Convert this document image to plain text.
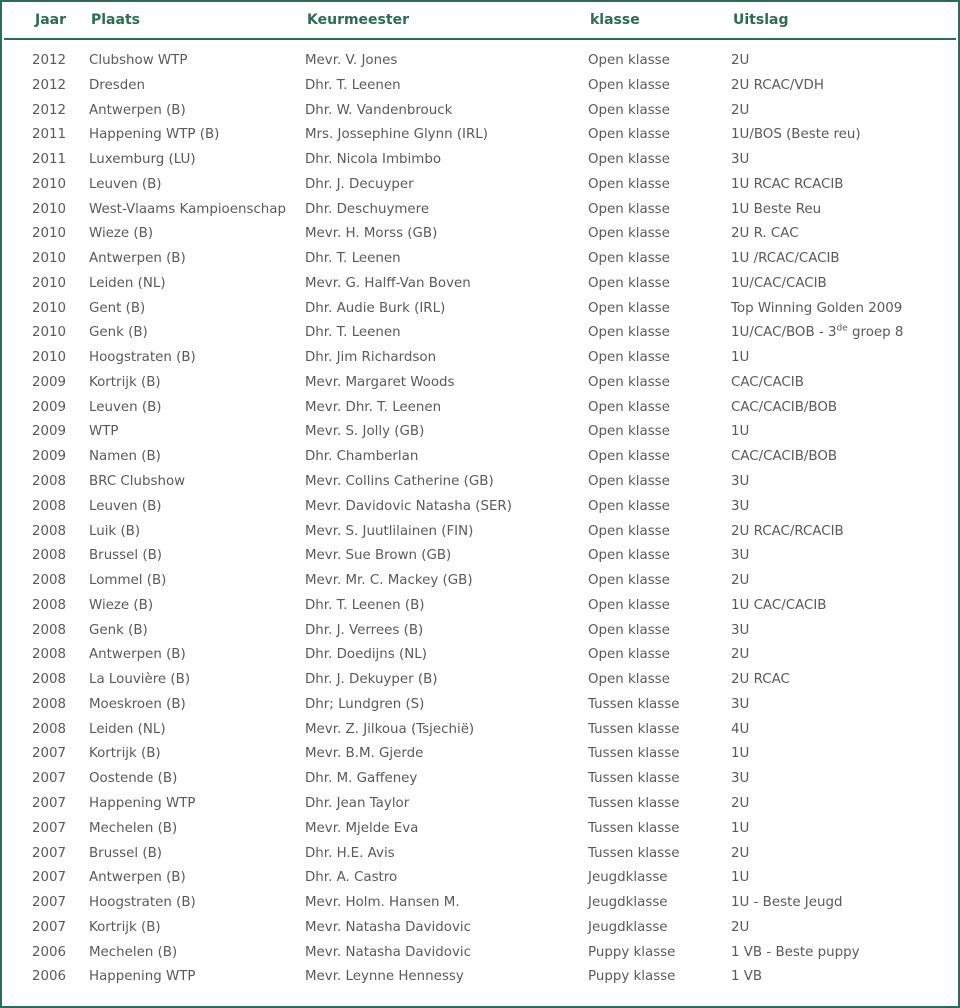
Jaar Plaats	Keurmeester	klasse	Uitslag
2012 Clubshow WTP	Mevr. V. Jones	Open klasse	2U
2012 Dresden	Dhr. T. Leenen	Open klasse	2U RCAC/VDH
2012 Antwerpen (B)	Dhr. W. Vandenbrouck	Open klasse	2U
2011 Happening WTP (B)	Mrs. Jossephine Glynn (IRL)	Open klasse	1U/BOS (Beste reu)
2011 Luxemburg (LU)	Dhr. Nicola Imbimbo	Open klasse	3U
2010 Leuven (B)	Dhr. J. Decuyper	Open klasse	1U RCAC RCACIB
2010 West-Vlaams Kampioenschap Dhr. Deschuymere	Open klasse	1U Beste Reu
2010 Wieze (B)	Mevr. H. Morss (GB)	Open klasse	2U R. CAC
2010 Antwerpen (B)	Dhr. T. Leenen	Open klasse	1U /RCAC/CACIB
2010 Leiden (NL)	Mevr. G. Halff-Van Boven	Open klasse	1U/CAC/CACIB
2010 Gent (B)	Dhr. Audie Burk (IRL)	Open klasse	Top Winning Golden 2009
2010 Genk (B)	Dhr. T. Leenen	Open klasse	1U/CAC/BOB - 3de groep 8
2010 Hoogstraten (B)	Dhr. Jim Richardson	Open klasse	1U
2009 Kortrijk (B)	Mevr. Margaret Woods	Open klasse	CAC/CACIB
2009 Leuven (B)	Mevr. Dhr. T. Leenen	Open klasse	CAC/CACIB/BOB
2009 WTP	Mevr. S. Jolly (GB)	Open klasse	1U
2009 Namen (B)	Dhr. Chamberlan	Open klasse	CAC/CACIB/BOB
2008 BRC Clubshow	Mevr. Collins Catherine (GB)	Open klasse	3U
2008 Leuven (B)	Mevr. Davidovic Natasha (SER)	Open klasse	3U
2008 Luik (B)	Mevr. S. Juutlilainen (FIN)	Open klasse	2U RCAC/RCACIB
2008 Brussel (B)	Mevr. Sue Brown (GB)	Open klasse	3U
2008 Lommel (B)	Mevr. Mr. C. Mackey (GB)	Open klasse	2U
2008 Wieze (B)	Dhr. T. Leenen (B)	Open klasse	1U CAC/CACIB
2008 Genk (B)	Dhr. J. Verrees (B)	Open klasse	3U
2008 Antwerpen (B)	Dhr. Doedijns (NL)	Open klasse	2U
2008 La Louvière (B)	Dhr. J. Dekuyper (B)	Open klasse	2U RCAC
2008 Moeskroen (B)	Dhr; Lundgren (S)	Tussen klasse	3U
2008 Leiden (NL)	Mevr. Z. Jilkoua (Tsjechië)	Tussen klasse	4U
2007 Kortrijk (B)	Mevr. B.M. Gjerde	Tussen klasse	1U
2007 Oostende (B)	Dhr. M. Gaffeney	Tussen klasse	3U
2007 Happening WTP	Dhr. Jean Taylor	Tussen klasse	2U
2007 Mechelen (B)	Mevr. Mjelde Eva	Tussen klasse	1U
2007 Brussel (B)	Dhr. H.E. Avis	Tussen klasse	2U
2007 Antwerpen (B)	Dhr. A. Castro	Jeugdklasse	1U
2007 Hoogstraten (B)	Mevr. Holm. Hansen M.	Jeugdklasse	1U - Beste Jeugd
2007 Kortrijk (B)	Mevr. Natasha Davidovic	Jeugdklasse	2U
2006 Mechelen (B)	Mevr. Natasha Davidovic	Puppy klasse	1 VB - Beste puppy
2006 Happening WTP	Mevr. Leynne Hennessy	Puppy klasse	1 VB
